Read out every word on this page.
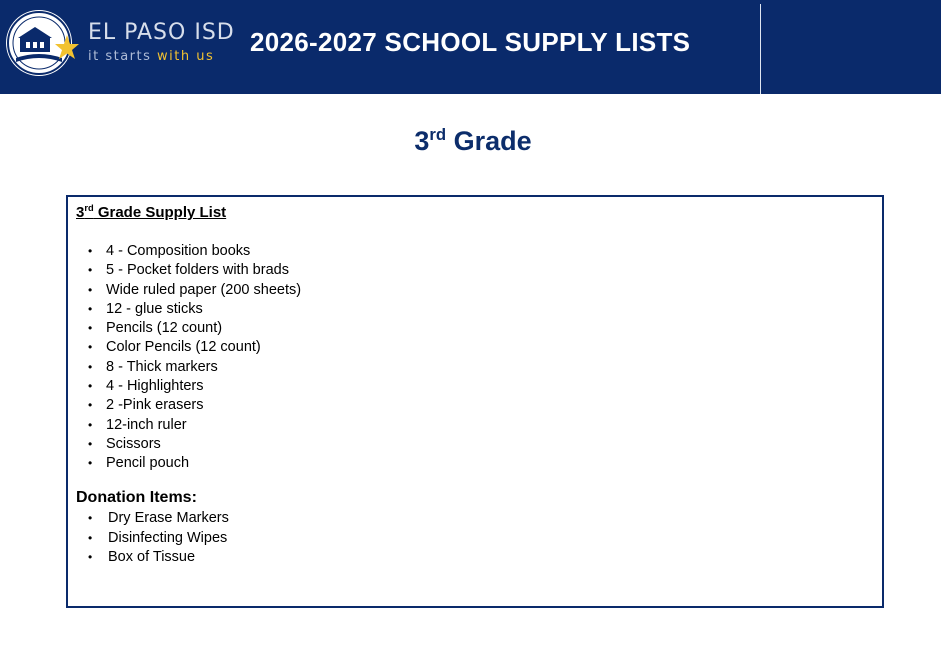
EL PASO ISD
it starts with us 2026-2027 SCHOOL SUPPLY LISTS
3rd Grade
3rd Grade Supply List
• 4 - Composition books
• 5 - Pocket folders with brads
• Wide ruled paper (200 sheets)
• 12 - glue sticks
• Pencils (12 count)
• Color Pencils (12 count)
• 8 - Thick markers
• 4 - Highlighters
• 2 -Pink erasers
• 12-inch ruler
• Scissors
• Pencil pouch
Donation Items:
• Dry Erase Markers
• Disinfecting Wipes
• Box of Tissue
